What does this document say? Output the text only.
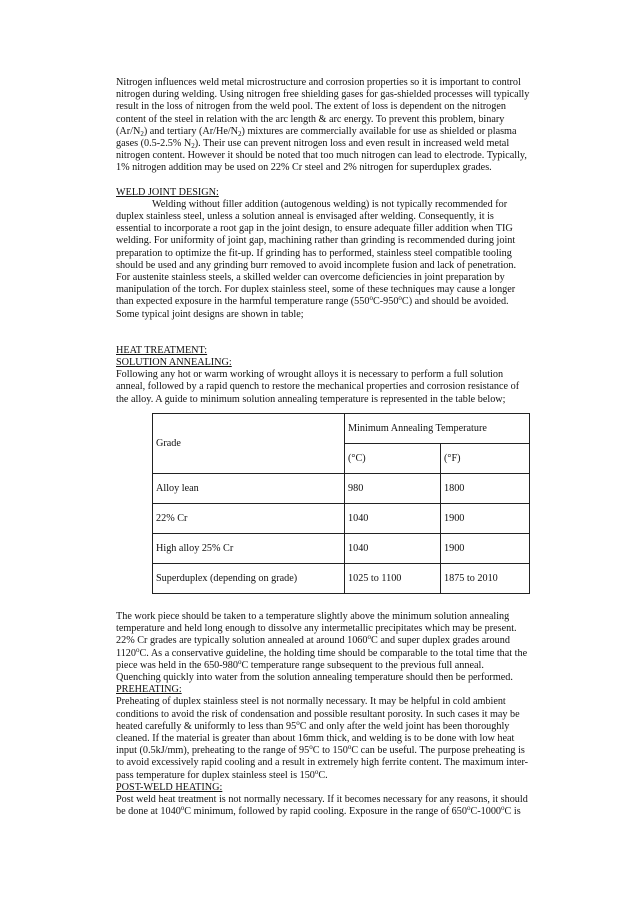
Nitrogen influences weld metal microstructure and corrosion properties so it is important to control nitrogen during welding. Using nitrogen free shielding gases for gas-shielded processes will typically result in the loss of nitrogen from the weld pool. The extent of loss is dependent on the nitrogen content of the steel in relation with the arc length & arc energy. To prevent this problem, binary $(Ar/N_2)$ and tertiary $(Ar/He/N_2)$ mixtures are commercially available for use as shielded or plasma gases (0.5-2.5% $N_2$). Their use can prevent nitrogen loss and even result in increased weld metal nitrogen content. However it should be noted that too much nitrogen can lead to electrode. Typically, 1% nitrogen addition may be used on 22% Cr steel and 2% nitrogen for superduplex grades.

WELD JOINT DESIGN:

Welding without filler addition (autogenous welding) is not typically recommended for duplex stainless steel, unless a solution anneal is envisaged after welding. Consequently, it is essential to incorporate a root gap in the joint design, to ensure adequate filler addition when TIG welding. For uniformity of joint gap, machining rather than grinding is recommended during joint preparation to optimize the fit-up. If grinding has to performed, stainless steel compatible tooling should be used and any grinding burr removed to avoid incomplete fusion and lack of penetration. For austenite stainless steels, a skilled welder can overcome deficiencies in joint preparation by manipulation of the torch. For duplex stainless steel, some of these techniques may cause a longer than expected exposure in the harmful temperature range (550$^o$C-950$^o$C) and should be avoided. Some typical joint designs are shown in table;

HEAT TREATMENT:

SOLUTION ANNEALING:

Following any hot or warm working of wrought alloys it is necessary to perform a full solution anneal, followed by a rapid quench to restore the mechanical properties and corrosion resistance of the alloy. A guide to minimum solution annealing temperature is represented in the table below;

Grade	Minimum Annealing Temperature	
	(°C)	(°F)
Alloy lean	980	1800
22% Cr	1040	1900
High alloy 25% Cr	1040	1900
Superduplex (depending on grade)	1025 to 1100	1875 to 2010

The work piece should be taken to a temperature slightly above the minimum solution annealing temperature and held long enough to dissolve any intermetallic precipitates which may be present. 22% Cr grades are typically solution annealed at around 1060$^o$C and super duplex grades around 1120$^o$C. As a conservative guideline, the holding time should be comparable to the total time that the piece was held in the 650-980$^o$C temperature range subsequent to the previous full anneal. Quenching quickly into water from the solution annealing temperature should then be performed.

PREHEATING:

Preheating of duplex stainless steel is not normally necessary. It may be helpful in cold ambient conditions to avoid the risk of condensation and possible resultant porosity. In such cases it may be heated carefully & uniformly to less than 95$^o$C and only after the weld joint has been thoroughly cleaned. If the material is greater than about 16mm thick, and welding is to be done with low heat input (0.5kJ/mm), preheating to the range of 95$^o$C to 150$^o$C can be useful. The purpose preheating is to avoid excessively rapid cooling and a result in extremely high ferrite content. The maximum inter-pass temperature for duplex stainless steel is 150$^o$C.

POST-WELD HEATING:

Post weld heat treatment is not normally necessary. If it becomes necessary for any reasons, it should be done at 1040$^o$C minimum, followed by rapid cooling. Exposure in the range of 650$^o$C-1000$^o$C is
